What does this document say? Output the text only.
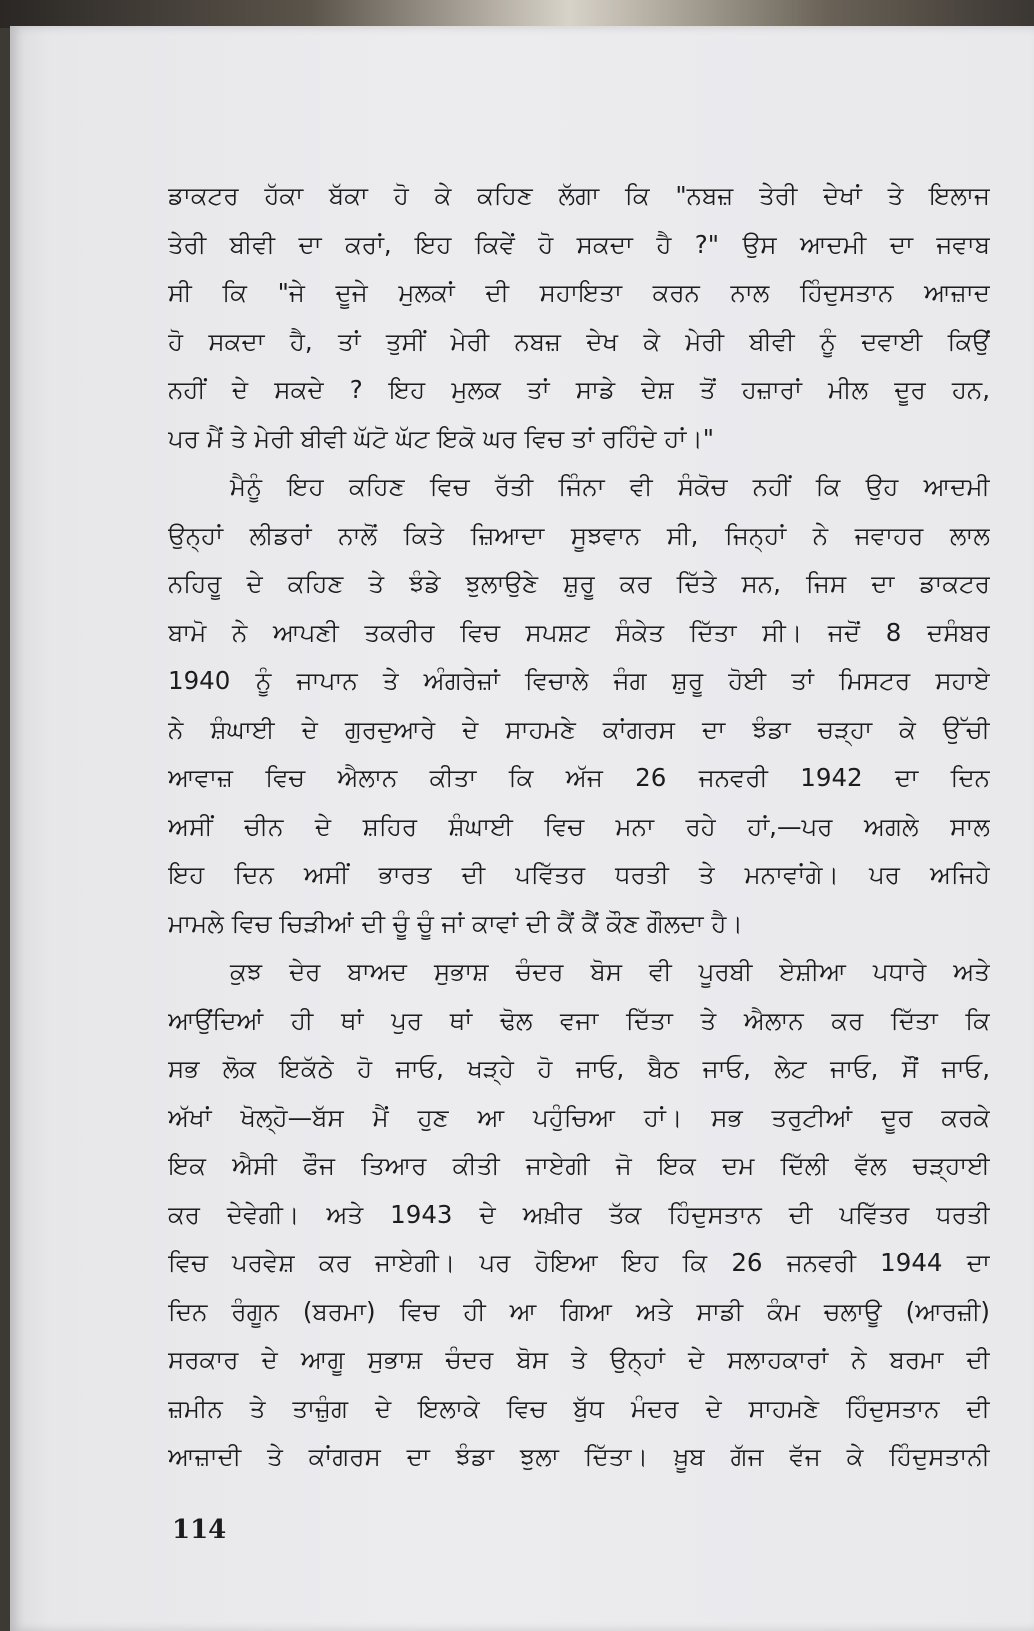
ਡਾਕਟਰ ਹੱਕਾ ਬੱਕਾ ਹੋ ਕੇ ਕਹਿਣ ਲੱਗਾ ਕਿ "ਨਬਜ਼ ਤੇਰੀ ਦੇਖਾਂ ਤੇ ਇਲਾਜ
ਤੇਰੀ ਬੀਵੀ ਦਾ ਕਰਾਂ, ਇਹ ਕਿਵੇਂ ਹੋ ਸਕਦਾ ਹੈ ?" ਉਸ ਆਦਮੀ ਦਾ ਜਵਾਬ
ਸੀ ਕਿ "ਜੇ ਦੂਜੇ ਮੁਲਕਾਂ ਦੀ ਸਹਾਇਤਾ ਕਰਨ ਨਾਲ ਹਿੰਦੁਸਤਾਨ ਆਜ਼ਾਦ
ਹੋ ਸਕਦਾ ਹੈ, ਤਾਂ ਤੁਸੀਂ ਮੇਰੀ ਨਬਜ਼ ਦੇਖ ਕੇ ਮੇਰੀ ਬੀਵੀ ਨੂੰ ਦਵਾਈ ਕਿਉਂ
ਨਹੀਂ ਦੇ ਸਕਦੇ ? ਇਹ ਮੁਲਕ ਤਾਂ ਸਾਡੇ ਦੇਸ਼ ਤੋਂ ਹਜ਼ਾਰਾਂ ਮੀਲ ਦੂਰ ਹਨ,
ਪਰ ਮੈਂ ਤੇ ਮੇਰੀ ਬੀਵੀ ਘੱਟੋ ਘੱਟ ਇਕੋ ਘਰ ਵਿਚ ਤਾਂ ਰਹਿੰਦੇ ਹਾਂ।"
ਮੈਨੂੰ ਇਹ ਕਹਿਣ ਵਿਚ ਰੱਤੀ ਜਿੰਨਾ ਵੀ ਸੰਕੋਚ ਨਹੀਂ ਕਿ ਉਹ ਆਦਮੀ
ਉਨ੍ਹਾਂ ਲੀਡਰਾਂ ਨਾਲੋਂ ਕਿਤੇ ਜ਼ਿਆਦਾ ਸੂਝਵਾਨ ਸੀ, ਜਿਨ੍ਹਾਂ ਨੇ ਜਵਾਹਰ ਲਾਲ
ਨਹਿਰੂ ਦੇ ਕਹਿਣ ਤੇ ਝੰਡੇ ਝੁਲਾਉਣੇ ਸ਼ੁਰੂ ਕਰ ਦਿੱਤੇ ਸਨ, ਜਿਸ ਦਾ ਡਾਕਟਰ
ਬਾਮੋ ਨੇ ਆਪਣੀ ਤਕਰੀਰ ਵਿਚ ਸਪਸ਼ਟ ਸੰਕੇਤ ਦਿੱਤਾ ਸੀ। ਜਦੋਂ 8 ਦਸੰਬਰ
1940 ਨੂੰ ਜਾਪਾਨ ਤੇ ਅੰਗਰੇਜ਼ਾਂ ਵਿਚਾਲੇ ਜੰਗ ਸ਼ੁਰੂ ਹੋਈ ਤਾਂ ਮਿਸਟਰ ਸਹਾਏ
ਨੇ ਸ਼ੰਘਾਈ ਦੇ ਗੁਰਦੁਆਰੇ ਦੇ ਸਾਹਮਣੇ ਕਾਂਗਰਸ ਦਾ ਝੰਡਾ ਚੜ੍ਹਾ ਕੇ ਉੱਚੀ
ਆਵਾਜ਼ ਵਿਚ ਐਲਾਨ ਕੀਤਾ ਕਿ ਅੱਜ 26 ਜਨਵਰੀ 1942 ਦਾ ਦਿਨ
ਅਸੀਂ ਚੀਨ ਦੇ ਸ਼ਹਿਰ ਸ਼ੰਘਾਈ ਵਿਚ ਮਨਾ ਰਹੇ ਹਾਂ,—ਪਰ ਅਗਲੇ ਸਾਲ
ਇਹ ਦਿਨ ਅਸੀਂ ਭਾਰਤ ਦੀ ਪਵਿੱਤਰ ਧਰਤੀ ਤੇ ਮਨਾਵਾਂਗੇ। ਪਰ ਅਜਿਹੇ
ਮਾਮਲੇ ਵਿਚ ਚਿੜੀਆਂ ਦੀ ਚੂੰ ਚੂੰ ਜਾਂ ਕਾਵਾਂ ਦੀ ਕੈਂ ਕੈਂ ਕੌਣ ਗੌਲਦਾ ਹੈ।
ਕੁਝ ਦੇਰ ਬਾਅਦ ਸੁਭਾਸ਼ ਚੰਦਰ ਬੋਸ ਵੀ ਪੂਰਬੀ ਏਸ਼ੀਆ ਪਧਾਰੇ ਅਤੇ
ਆਉਂਦਿਆਂ ਹੀ ਥਾਂ ਪੁਰ ਥਾਂ ਢੋਲ ਵਜਾ ਦਿੱਤਾ ਤੇ ਐਲਾਨ ਕਰ ਦਿੱਤਾ ਕਿ
ਸਭ ਲੋਕ ਇਕੱਠੇ ਹੋ ਜਾਓ, ਖੜ੍ਹੇ ਹੋ ਜਾਓ, ਬੈਠ ਜਾਓ, ਲੇਟ ਜਾਓ, ਸੌਂ ਜਾਓ,
ਅੱਖਾਂ ਖੋਲ੍ਹੋ—ਬੱਸ ਮੈਂ ਹੁਣ ਆ ਪਹੁੰਚਿਆ ਹਾਂ। ਸਭ ਤਰੁਟੀਆਂ ਦੂਰ ਕਰਕੇ
ਇਕ ਐਸੀ ਫੌਜ ਤਿਆਰ ਕੀਤੀ ਜਾਏਗੀ ਜੋ ਇਕ ਦਮ ਦਿੱਲੀ ਵੱਲ ਚੜ੍ਹਾਈ
ਕਰ ਦੇਵੇਗੀ। ਅਤੇ 1943 ਦੇ ਅਖ਼ੀਰ ਤੱਕ ਹਿੰਦੁਸਤਾਨ ਦੀ ਪਵਿੱਤਰ ਧਰਤੀ
ਵਿਚ ਪਰਵੇਸ਼ ਕਰ ਜਾਏਗੀ। ਪਰ ਹੋਇਆ ਇਹ ਕਿ 26 ਜਨਵਰੀ 1944 ਦਾ
ਦਿਨ ਰੰਗੂਨ (ਬਰਮਾ) ਵਿਚ ਹੀ ਆ ਗਿਆ ਅਤੇ ਸਾਡੀ ਕੰਮ ਚਲਾਊ (ਆਰਜ਼ੀ)
ਸਰਕਾਰ ਦੇ ਆਗੂ ਸੁਭਾਸ਼ ਚੰਦਰ ਬੋਸ ਤੇ ਉਨ੍ਹਾਂ ਦੇ ਸਲਾਹਕਾਰਾਂ ਨੇ ਬਰਮਾ ਦੀ
ਜ਼ਮੀਨ ਤੇ ਤਾਜ਼ੁੰਗ ਦੇ ਇਲਾਕੇ ਵਿਚ ਬੁੱਧ ਮੰਦਰ ਦੇ ਸਾਹਮਣੇ ਹਿੰਦੁਸਤਾਨ ਦੀ
ਆਜ਼ਾਦੀ ਤੇ ਕਾਂਗਰਸ ਦਾ ਝੰਡਾ ਝੁਲਾ ਦਿੱਤਾ। ਖ਼ੂਬ ਗੱਜ ਵੱਜ ਕੇ ਹਿੰਦੁਸਤਾਨੀ
114
